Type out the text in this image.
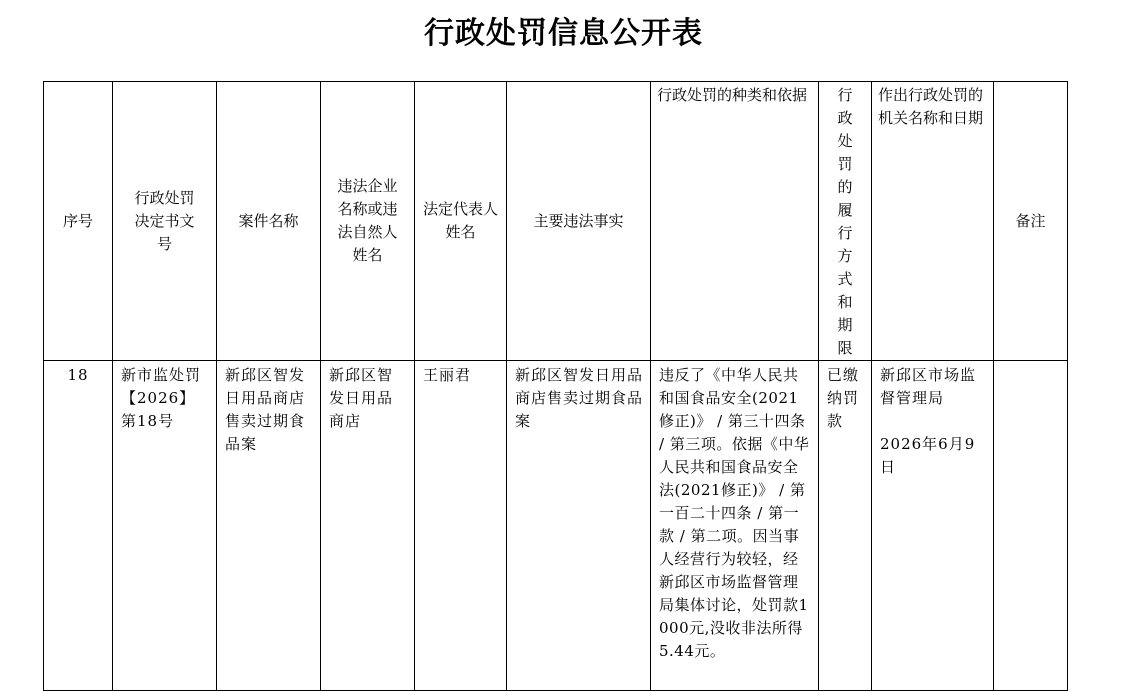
行政处罚信息公开表
序号	行政处罚决定书文号	案件名称	违法企业名称或违法自然人姓名	法定代表人姓名	主要违法事实	行政处罚的种类和依据	行政处罚的履行方式和期限	作出行政处罚的机关名称和日期	备注
18	新市监处罚【2026】第18号	新邱区智发日用品商店售卖过期食品案	新邱区智发日用品商店	王丽君	新邱区智发日用品商店售卖过期食品案	违反了《中华人民共和国食品安全(2021修正)》 / 第三十四条 / 第三项。依据《中华人民共和国食品安全法(2021修正)》 / 第一百二十四条 / 第一款 / 第二项。因当事人经营行为较轻，经新邱区市场监督管理局集体讨论，处罚款1000元,没收非法所得5.44元。	已缴纳罚款	新邱区市场监督管理局
2026年6月9日	
